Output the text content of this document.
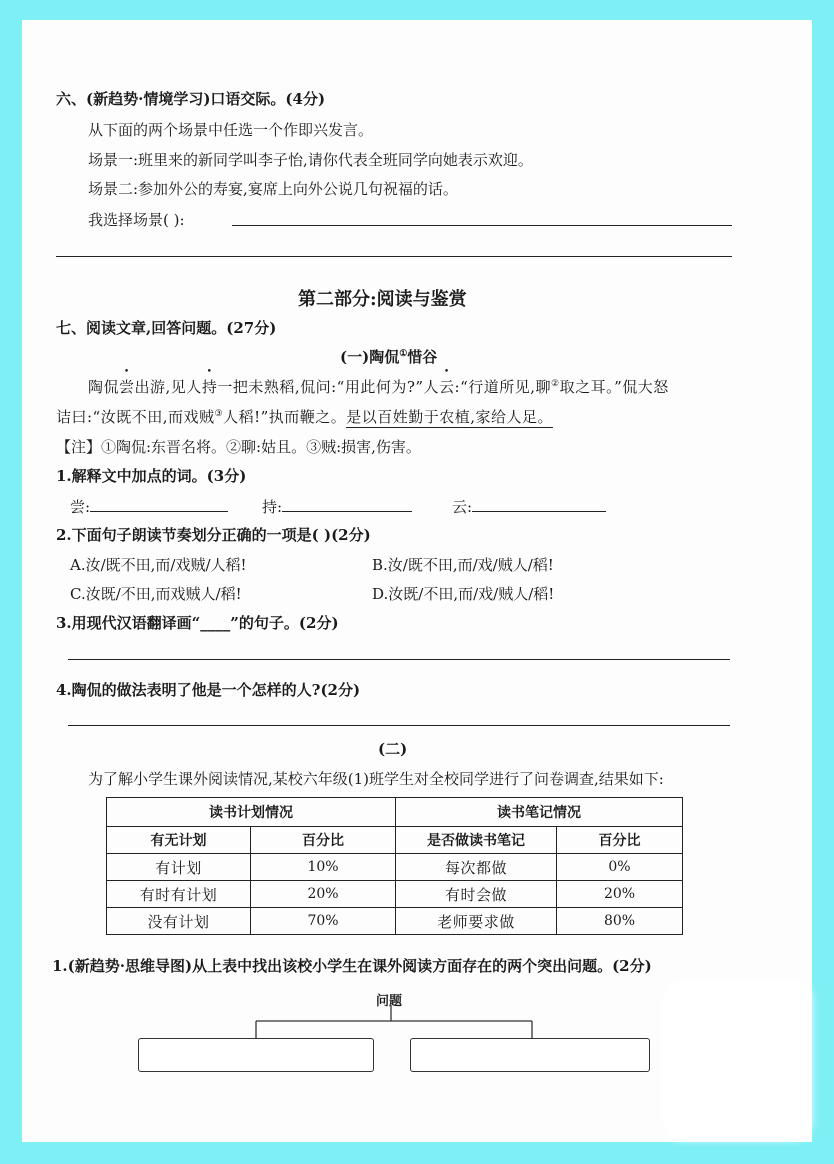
六、(新趋势·情境学习)口语交际。(4分)
从下面的两个场景中任选一个作即兴发言。
场景一:班里来的新同学叫李子怡,请你代表全班同学向她表示欢迎。
场景二:参加外公的寿宴,宴席上向外公说几句祝福的话。
我选择场景( ):
第二部分:阅读与鉴赏
七、阅读文章,回答问题。(27分)
(一)陶侃①惜谷
陶侃尝出游,见人持一把未熟稻,侃问:“用此何为?”人云:“行道所见,聊②取之耳。”侃大怒
诘曰:“汝既不田,而戏贼③人稻!”执而鞭之。是以百姓勤于农植,家给人足。
【注】①陶侃:东晋名将。②聊:姑且。③贼:损害,伤害。
1.解释文中加点的词。(3分)
尝:	持:	云:
2.下面句子朗读节奏划分正确的一项是( )(2分)
A.汝/既不田,而/戏贼/人稻!	B.汝/既不田,而/戏/贼人/稻!
C.汝既/不田,而戏贼人/稻!	D.汝既/不田,而/戏/贼人/稻!
3.用现代汉语翻译画“____”的句子。(2分)
4.陶侃的做法表明了他是一个怎样的人?(2分)
(二)
为了解小学生课外阅读情况,某校六年级(1)班学生对全校同学进行了问卷调查,结果如下:
读书计划情况		读书笔记情况	
有无计划	百分比	是否做读书笔记	百分比
有计划	10%	每次都做	0%
有时有计划	20%	有时会做	20%
没有计划	70%	老师要求做	80%
1.(新趋势·思维导图)从上表中找出该校小学生在课外阅读方面存在的两个突出问题。(2分)
问题
